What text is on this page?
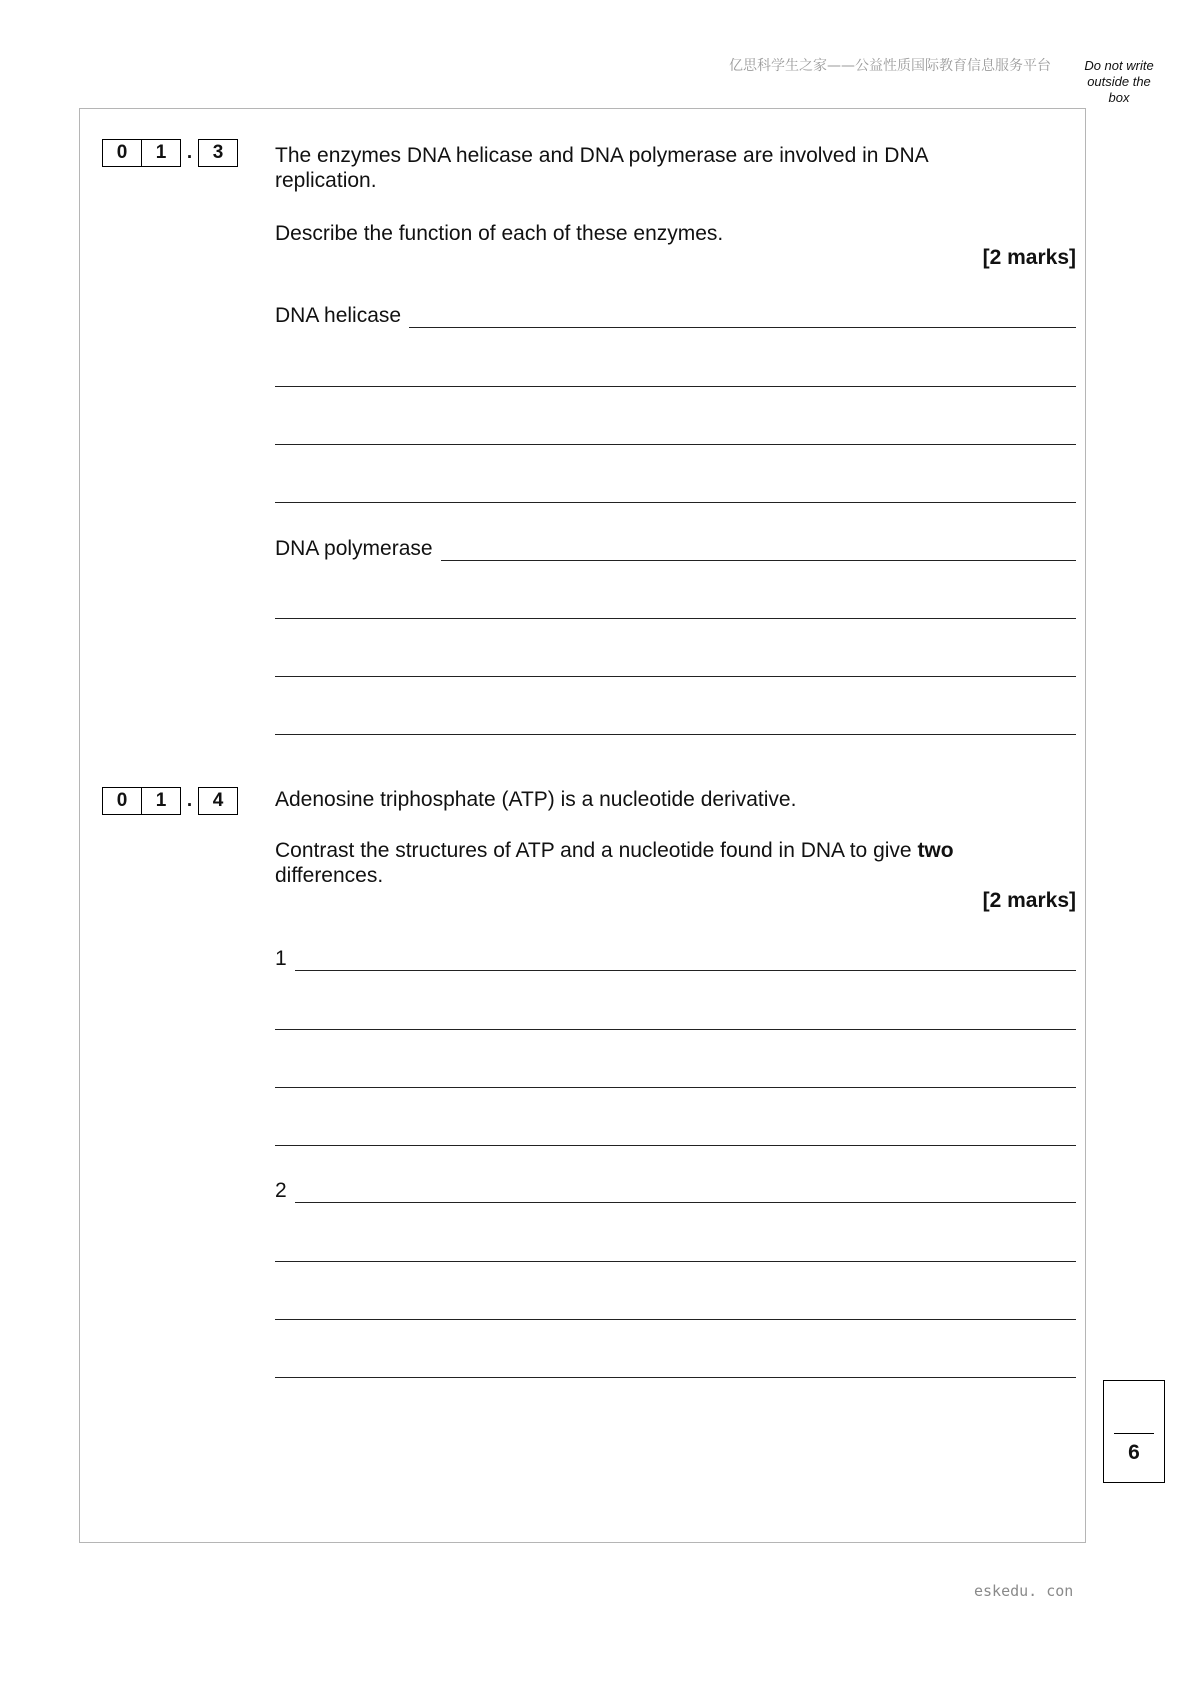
亿思科学生之家——公益性质国际教育信息服务平台	Do not write
outside the
box
0	1	.	3	The enzymes DNA helicase and DNA polymerase are involved in DNA
replication.
Describe the function of each of these enzymes.
[2 marks]
DNA helicase
DNA polymerase
0	1	.	4	Adenosine triphosphate (ATP) is a nucleotide derivative.
Contrast the structures of ATP and a nucleotide found in DNA to give two
differences.
[2 marks]
1
2
6
eskedu. con
